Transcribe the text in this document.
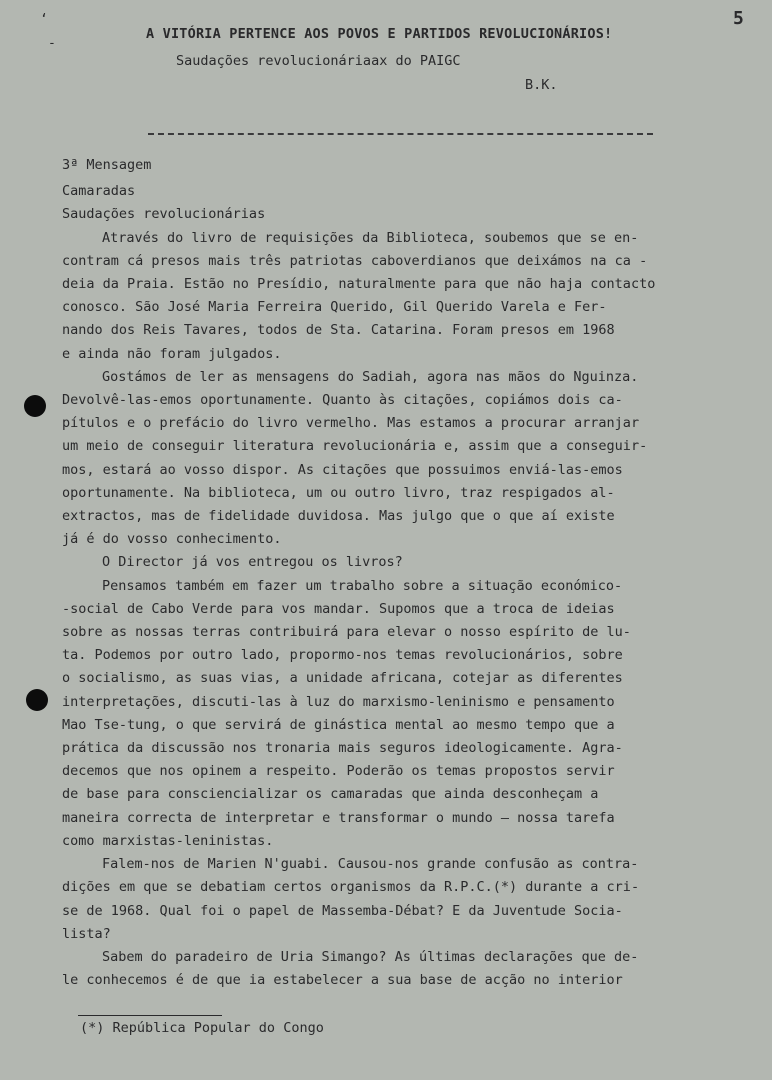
‘
-
5
A VITÓRIA PERTENCE AOS POVOS E PARTIDOS REVOLUCIONÁRIOS!
Saudações revolucionáriaax do PAIGC
B.K.
3ª Mensagem
Camaradas
Saudações revolucionárias
Através do livro de requisições da Biblioteca, soubemos que se en-
contram cá presos mais três patriotas caboverdianos que deixámos na ca -
deia da Praia. Estão no Presídio, naturalmente para que não haja contacto
conosco. São José Maria Ferreira Querido, Gil Querido Varela e Fer-
nando dos Reis Tavares, todos de Sta. Catarina. Foram presos em 1968
e ainda não foram julgados.
Gostámos de ler as mensagens do Sadiah, agora nas mãos do Nguinza.
Devolvê-las-emos oportunamente. Quanto às citações, copiámos dois ca-
pítulos e o prefácio do livro vermelho. Mas estamos a procurar arranjar
um meio de conseguir literatura revolucionária e, assim que a conseguir-
mos, estará ao vosso dispor. As citações que possuimos enviá-las-emos
oportunamente. Na biblioteca, um ou outro livro, traz respigados al-
extractos, mas de fidelidade duvidosa. Mas julgo que o que aí existe
já é do vosso conhecimento.
O Director já vos entregou os livros?
Pensamos também em fazer um trabalho sobre a situação económico-
-social de Cabo Verde para vos mandar. Supomos que a troca de ideias
sobre as nossas terras contribuirá para elevar o nosso espírito de lu-
ta. Podemos por outro lado, propormo-nos temas revolucionários, sobre
o socialismo, as suas vias, a unidade africana, cotejar as diferentes
interpretações, discuti-las à luz do marxismo-leninismo e pensamento
Mao Tse-tung, o que servirá de ginástica mental ao mesmo tempo que a
prática da discussão nos tronaria mais seguros ideologicamente. Agra-
decemos que nos opinem a respeito. Poderão os temas propostos servir
de base para consciencializar os camaradas que ainda desconheçam a
maneira correcta de interpretar e transformar o mundo — nossa tarefa
como marxistas-leninistas.
Falem-nos de Marien N'guabi. Causou-nos grande confusão as contra-
dições em que se debatiam certos organismos da R.P.C.(*) durante a cri-
se de 1968. Qual foi o papel de Massemba-Débat? E da Juventude Socia-
lista?
Sabem do paradeiro de Uria Simango? As últimas declarações que de-
le conhecemos é de que ia estabelecer a sua base de acção no interior
(*) República Popular do Congo
